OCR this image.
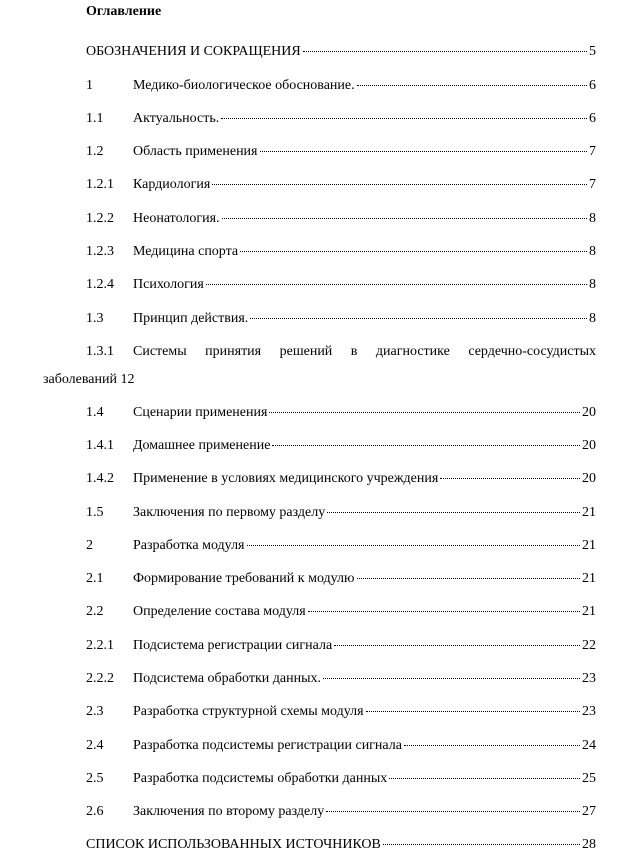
Оглавление
ОБОЗНАЧЕНИЯ И СОКРАЩЕНИЯ	5
1	Медико-биологическое обоснование.	6
1.1	Актуальность.	6
1.2	Область применения	7
1.2.1	Кардиология	7
1.2.2	Неонатология.	8
1.2.3	Медицина спорта	8
1.2.4	Психология	8
1.3	Принцип действия.	8
1.3.1	Системы принятия решений в диагностике сердечно-сосудистых
заболеваний 12
1.4	Сценарии применения	20
1.4.1	Домашнее применение	20
1.4.2	Применение в условиях медицинского учреждения	20
1.5	Заключения по первому разделу	21
2	Разработка модуля	21
2.1	Формирование требований к модулю	21
2.2	Определение состава модуля	21
2.2.1	Подсистема регистрации сигнала	22
2.2.2	Подсистема обработки данных.	23
2.3	Разработка структурной схемы модуля	23
2.4	Разработка подсистемы регистрации сигнала	24
2.5	Разработка подсистемы обработки данных	25
2.6	Заключения по второму разделу	27
СПИСОК ИСПОЛЬЗОВАННЫХ ИСТОЧНИКОВ	28
